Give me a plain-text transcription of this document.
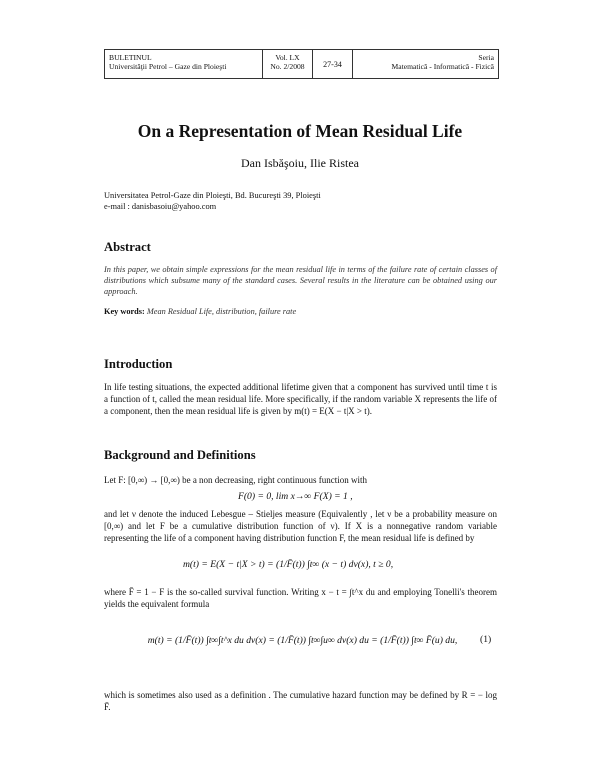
BULETINUL
Universităţii Petrol – Gaze din Ploieşti
Vol. LX
No. 2/2008	27-34
Seria
Matematică - Informatică - Fizică
On a Representation of Mean Residual Life
Dan Isbăşoiu, Ilie Ristea
Universitatea Petrol-Gaze din Ploieşti, Bd. Bucureşti 39, Ploieşti
e-mail : danisbasoiu@yahoo.com
Abstract
In this paper, we obtain simple expressions for the mean residual life in terms of the failure rate of certain classes of distributions which subsume many of the standard cases. Several results in the literature can be obtained using our approach.
Key words: Mean Residual Life, distribution, failure rate
Introduction
In life testing situations, the expected additional lifetime given that a component has survived until time t is a function of t, called the mean residual life. More specifically, if the random variable X represents the life of a component, then the mean residual life is given by m(t) = E(X − t|X > t).
Background and Definitions
Let F: [0,∞) → [0,∞) be a non decreasing, right continuous function with
F(0) = 0, lim x→∞ F(X) = 1 ,
and let ν denote the induced Lebesgue – Stieljes measure (Equivalently , let ν be a probability measure on [0,∞) and let F be a cumulative distribution function of ν). If X is a nonnegative random variable representing the life of a component having distribution function F, the mean residual life is defined by
m(t) = E(X − t|X > t) = (1/F̄(t)) ∫t∞ (x − t) dν(x), t ≥ 0,
where F̄ = 1 − F is the so-called survival function. Writing x − t = ∫t^x du and employing Tonelli's theorem yields the equivalent formula
m(t) = (1/F̄(t)) ∫t∞∫t^x du dν(x) = (1/F̄(t)) ∫t∞∫u∞ dν(x) du = (1/F̄(t)) ∫t∞ F̄(u) du,	(1)
which is sometimes also used as a definition . The cumulative hazard function may be defined by R = − log F̄.
